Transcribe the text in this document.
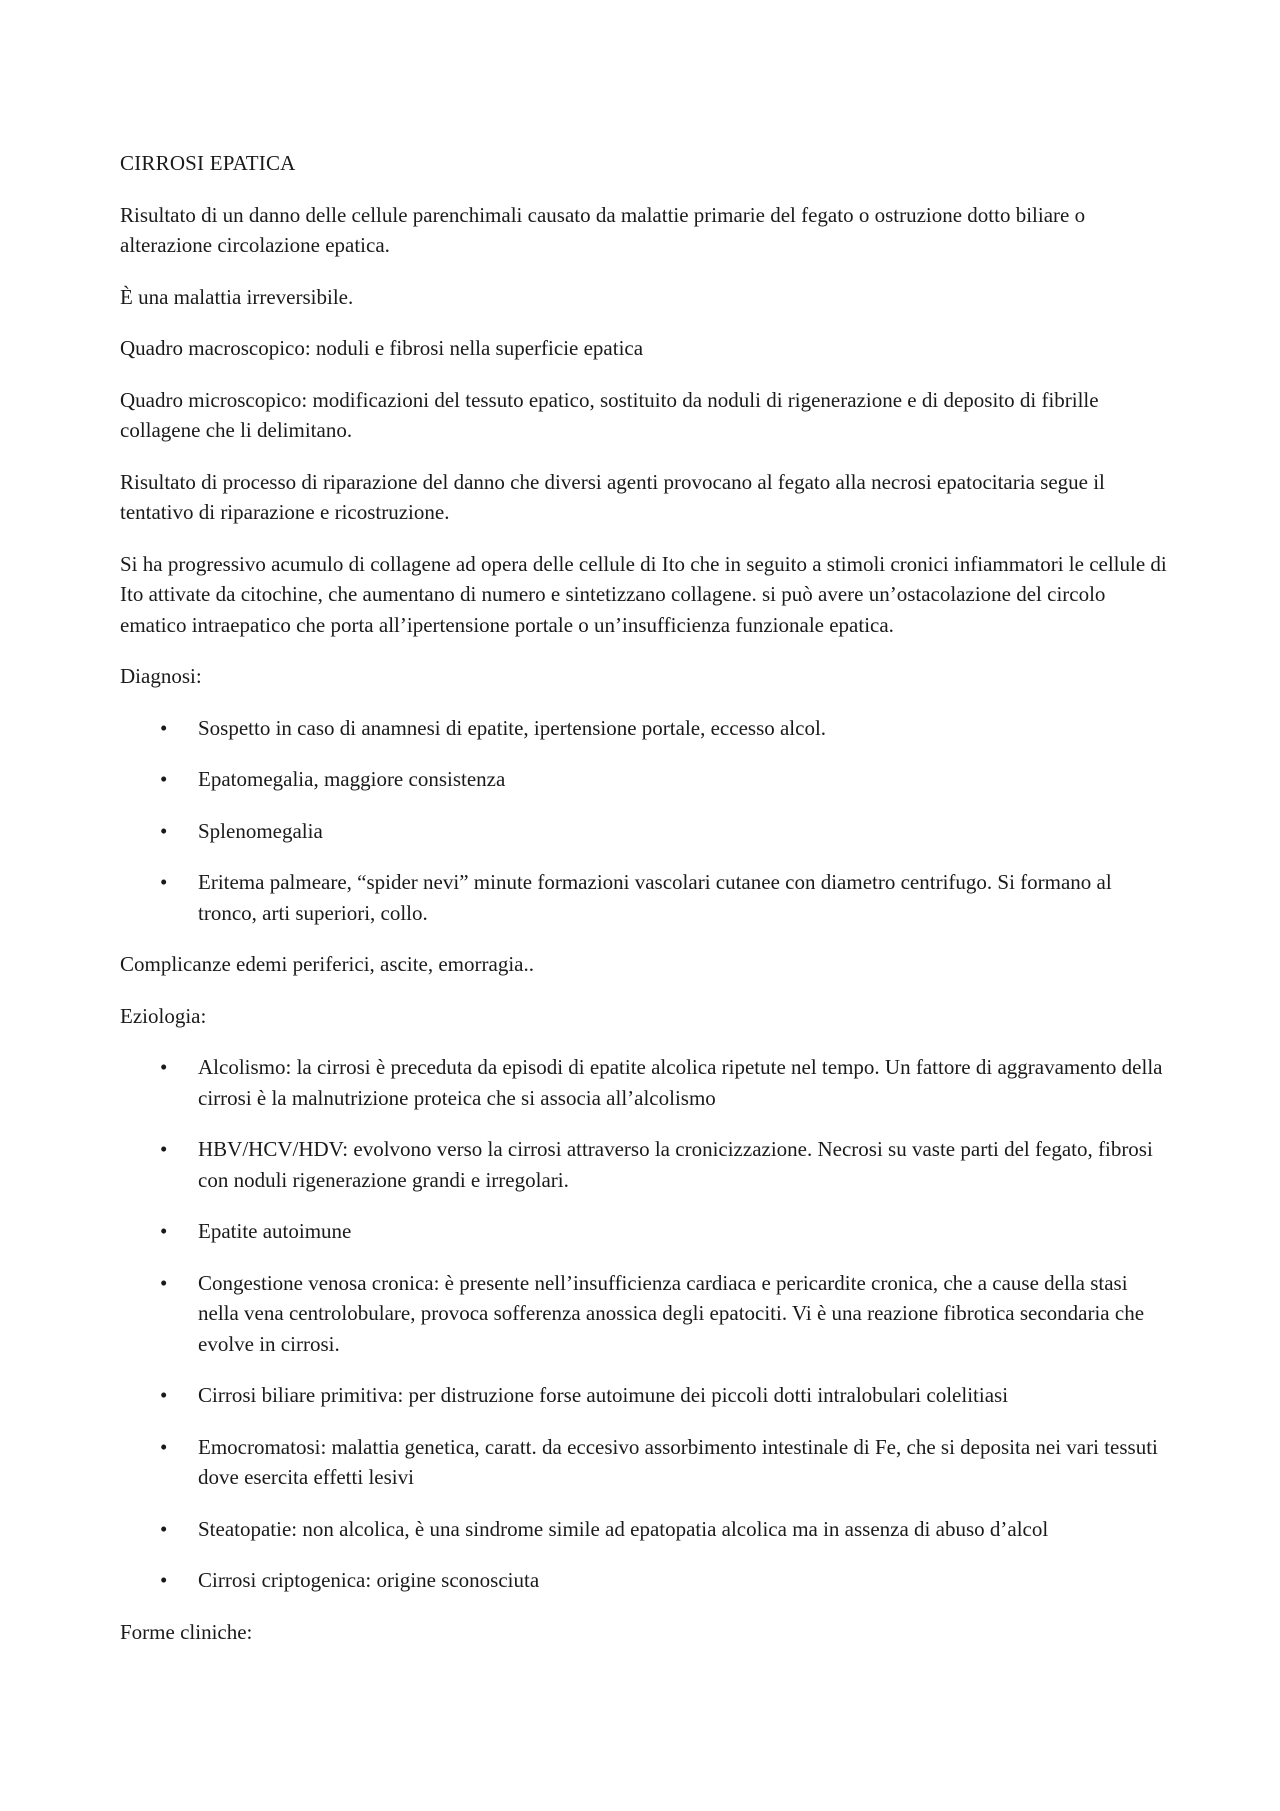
CIRROSI EPATICA

Risultato di un danno delle cellule parenchimali causato da malattie primarie del fegato o ostruzione dotto biliare o alterazione circolazione epatica.

È una malattia irreversibile.

Quadro macroscopico: noduli e fibrosi nella superficie epatica

Quadro microscopico: modificazioni del tessuto epatico, sostituito da noduli di rigenerazione e di deposito di fibrille collagene che li delimitano.

Risultato di processo di riparazione del danno che diversi agenti provocano al fegato alla necrosi epatocitaria segue il tentativo di riparazione e ricostruzione.

Si ha progressivo acumulo di collagene ad opera delle cellule di Ito che in seguito a stimoli cronici infiammatori le cellule di Ito attivate da citochine, che aumentano di numero e sintetizzano collagene. si può avere un’ostacolazione del circolo ematico intraepatico che porta all’ipertensione portale o un’insufficienza funzionale epatica.

Diagnosi:

• Sospetto in caso di anamnesi di epatite, ipertensione portale, eccesso alcol.
• Epatomegalia, maggiore consistenza
• Splenomegalia
• Eritema palmeare, “spider nevi” minute formazioni vascolari cutanee con diametro centrifugo. Si formano al tronco, arti superiori, collo.

Complicanze edemi periferici, ascite, emorragia..

Eziologia:

• Alcolismo: la cirrosi è preceduta da episodi di epatite alcolica ripetute nel tempo. Un fattore di aggravamento della cirrosi è la malnutrizione proteica che si associa all’alcolismo
• HBV/HCV/HDV: evolvono verso la cirrosi attraverso la cronicizzazione. Necrosi su vaste parti del fegato, fibrosi con noduli rigenerazione grandi e irregolari.
• Epatite autoimune
• Congestione venosa cronica: è presente nell’insufficienza cardiaca e pericardite cronica, che a cause della stasi nella vena centrolobulare, provoca sofferenza anossica degli epatociti. Vi è una reazione fibrotica secondaria che evolve in cirrosi.
• Cirrosi biliare primitiva: per distruzione forse autoimune dei piccoli dotti intralobulari colelitiasi
• Emocromatosi: malattia genetica, caratt. da eccesivo assorbimento intestinale di Fe, che si deposita nei vari tessuti dove esercita effetti lesivi
• Steatopatie: non alcolica, è una sindrome simile ad epatopatia alcolica ma in assenza di abuso d’alcol
• Cirrosi criptogenica: origine sconosciuta

Forme cliniche:
